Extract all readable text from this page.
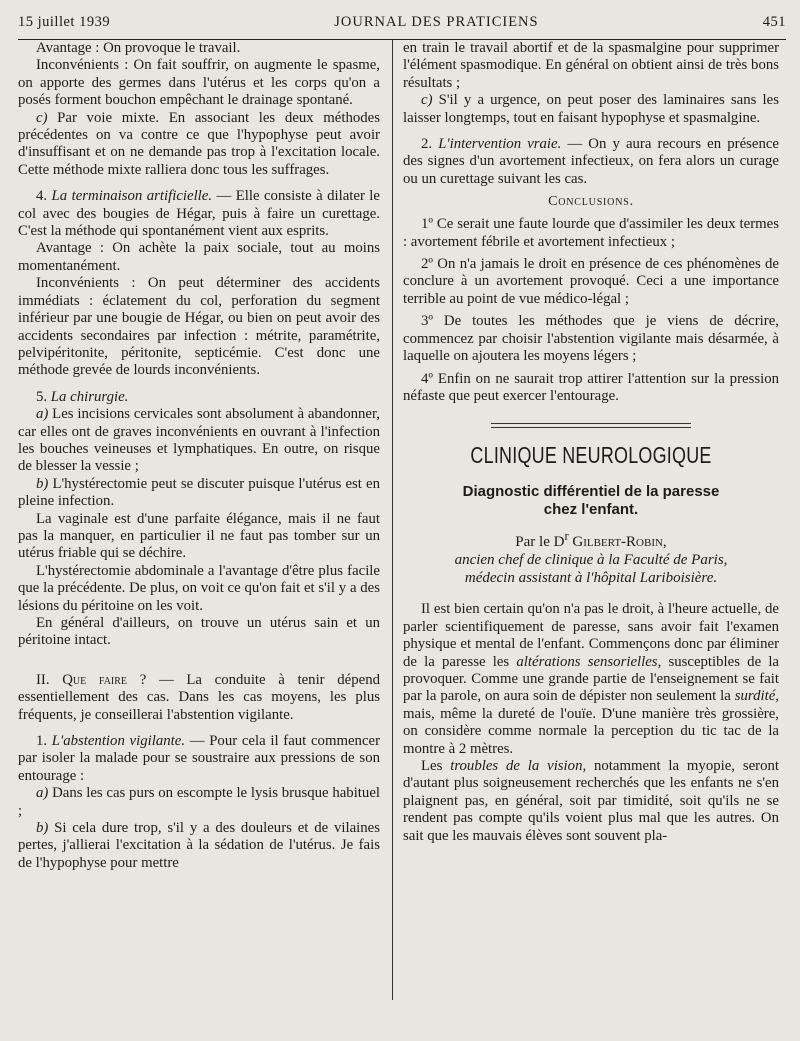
15 juillet 1939	JOURNAL DES PRATICIENS	451

Avantage : On provoque le travail.

Inconvénients : On fait souffrir, on augmente le spasme, on apporte des germes dans l'utérus et les corps qu'on a posés forment bouchon empêchant le drainage spontané.

c) Par voie mixte. En associant les deux méthodes précédentes on va contre ce que l'hypophyse peut avoir d'insuffisant et on ne demande pas trop à l'excitation locale. Cette méthode mixte ralliera donc tous les suffrages.

4. La terminaison artificielle. — Elle consiste à dilater le col avec des bougies de Hégar, puis à faire un curettage. C'est la méthode qui spontanément vient aux esprits.

Avantage : On achète la paix sociale, tout au moins momentanément.

Inconvénients : On peut déterminer des accidents immédiats : éclatement du col, perforation du segment inférieur par une bougie de Hégar, ou bien on peut avoir des accidents secondaires par infection : métrite, paramétrite, pelvipéritonite, péritonite, septicémie. C'est donc une méthode grevée de lourds inconvénients.

5. La chirurgie.

a) Les incisions cervicales sont absolument à abandonner, car elles ont de graves inconvénients en ouvrant à l'infection les bouches veineuses et lymphatiques. En outre, on risque de blesser la vessie ;

b) L'hystérectomie peut se discuter puisque l'utérus est en pleine infection.

La vaginale est d'une parfaite élégance, mais il ne faut pas la manquer, en particulier il ne faut pas tomber sur un utérus friable qui se déchire.

L'hystérectomie abdominale a l'avantage d'être plus facile que la précédente. De plus, on voit ce qu'on fait et s'il y a des lésions du péritoine on les voit.

En général d'ailleurs, on trouve un utérus sain et un péritoine intact.

II. Que faire ? — La conduite à tenir dépend essentiellement des cas. Dans les cas moyens, les plus fréquents, je conseillerai l'abstention vigilante.

1. L'abstention vigilante. — Pour cela il faut commencer par isoler la malade pour se soustraire aux pressions de son entourage :

a) Dans les cas purs on escompte le lysis brusque habituel ;

b) Si cela dure trop, s'il y a des douleurs et de vilaines pertes, j'allierai l'excitation à la sédation de l'utérus. Je fais de l'hypophyse pour mettre

en train le travail abortif et de la spasmalgine pour supprimer l'élément spasmodique. En général on obtient ainsi de très bons résultats ;

c) S'il y a urgence, on peut poser des laminaires sans les laisser longtemps, tout en faisant hypophyse et spasmalgine.

2. L'intervention vraie. — On y aura recours en présence des signes d'un avortement infectieux, on fera alors un curage ou un curettage suivant les cas.

Conclusions.

1º Ce serait une faute lourde que d'assimiler les deux termes : avortement fébrile et avortement infectieux ;

2º On n'a jamais le droit en présence de ces phénomènes de conclure à un avortement provoqué. Ceci a une importance terrible au point de vue médico-légal ;

3º De toutes les méthodes que je viens de décrire, commencez par choisir l'abstention vigilante mais désarmée, à laquelle on ajoutera les moyens légers ;

4º Enfin on ne saurait trop attirer l'attention sur la pression néfaste que peut exercer l'entourage.

CLINIQUE NEUROLOGIQUE
Diagnostic différentiel de la paresse
chez l'enfant.
Par le $D^r$ Gilbert-Robin,
ancien chef de clinique à la Faculté de Paris,
médecin assistant à l'hôpital Lariboisière.

Il est bien certain qu'on n'a pas le droit, à l'heure actuelle, de parler scientifiquement de paresse, sans avoir fait l'examen physique et mental de l'enfant. Commençons donc par éliminer de la paresse les altérations sensorielles, susceptibles de la provoquer. Comme une grande partie de l'enseignement se fait par la parole, on aura soin de dépister non seulement la surdité, mais, même la dureté de l'ouïe. D'une manière très grossière, on considère comme normale la perception du tic tac de la montre à 2 mètres.

Les troubles de la vision, notamment la myopie, seront d'autant plus soigneusement recherchés que les enfants ne s'en plaignent pas, en général, soit par timidité, soit qu'ils ne se rendent pas compte qu'ils voient plus mal que les autres. On sait que les mauvais élèves sont souvent pla-
